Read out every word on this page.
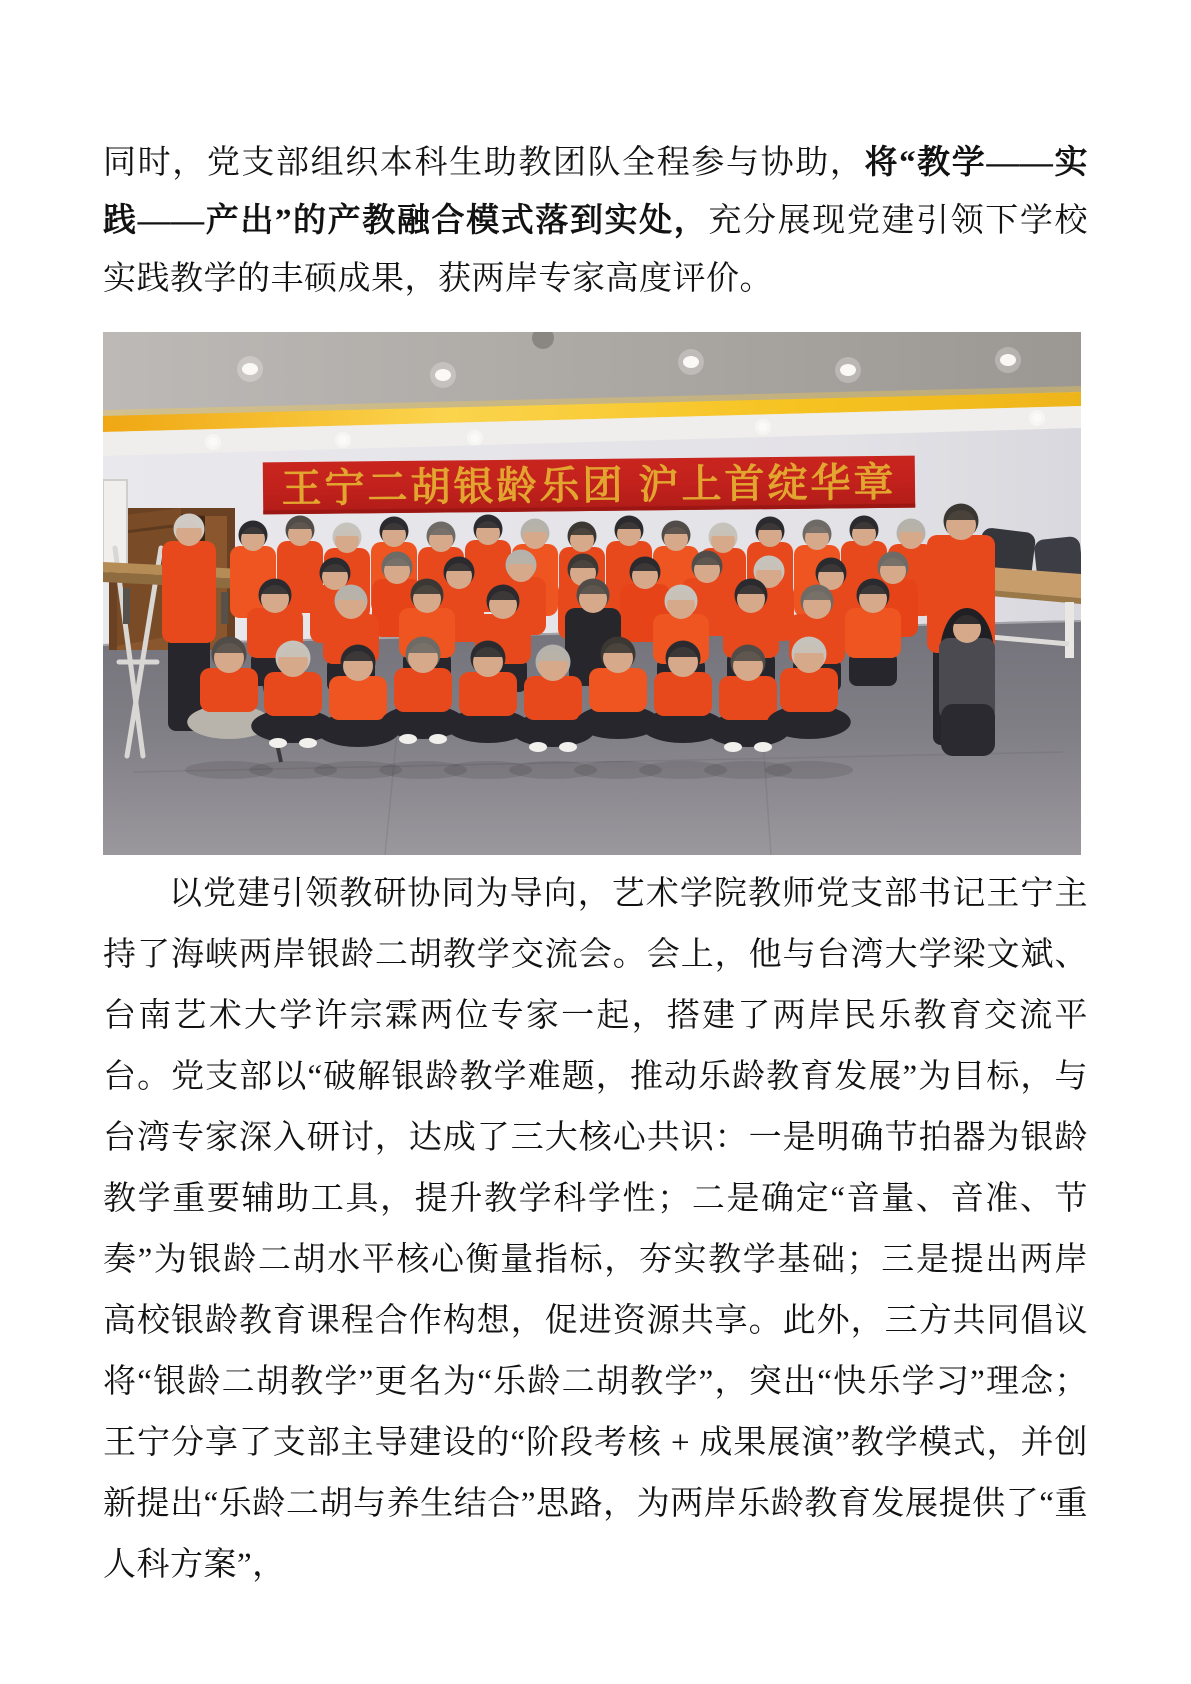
同时，党支部组织本科生助教团队全程参与协助，将“教学——实践——产出”的产教融合模式落到实处，充分展现党建引领下学校实践教学的丰硕成果，获两岸专家高度评价。

王宁二胡银龄乐团 沪上首绽华章

以党建引领教研协同为导向，艺术学院教师党支部书记王宁主持了海峡两岸银龄二胡教学交流会。会上，他与台湾大学梁文斌、台南艺术大学许宗霖两位专家一起，搭建了两岸民乐教育交流平台。党支部以“破解银龄教学难题，推动乐龄教育发展”为目标，与台湾专家深入研讨，达成了三大核心共识：一是明确节拍器为银龄教学重要辅助工具，提升教学科学性；二是确定“音量、音准、节奏”为银龄二胡水平核心衡量指标，夯实教学基础；三是提出两岸高校银龄教育课程合作构想，促进资源共享。此外，三方共同倡议将“银龄二胡教学”更名为“乐龄二胡教学”，突出“快乐学习”理念；王宁分享了支部主导建设的“阶段考核 + 成果展演”教学模式，并创新提出“乐龄二胡与养生结合”思路，为两岸乐龄教育发展提供了“重人科方案”，
